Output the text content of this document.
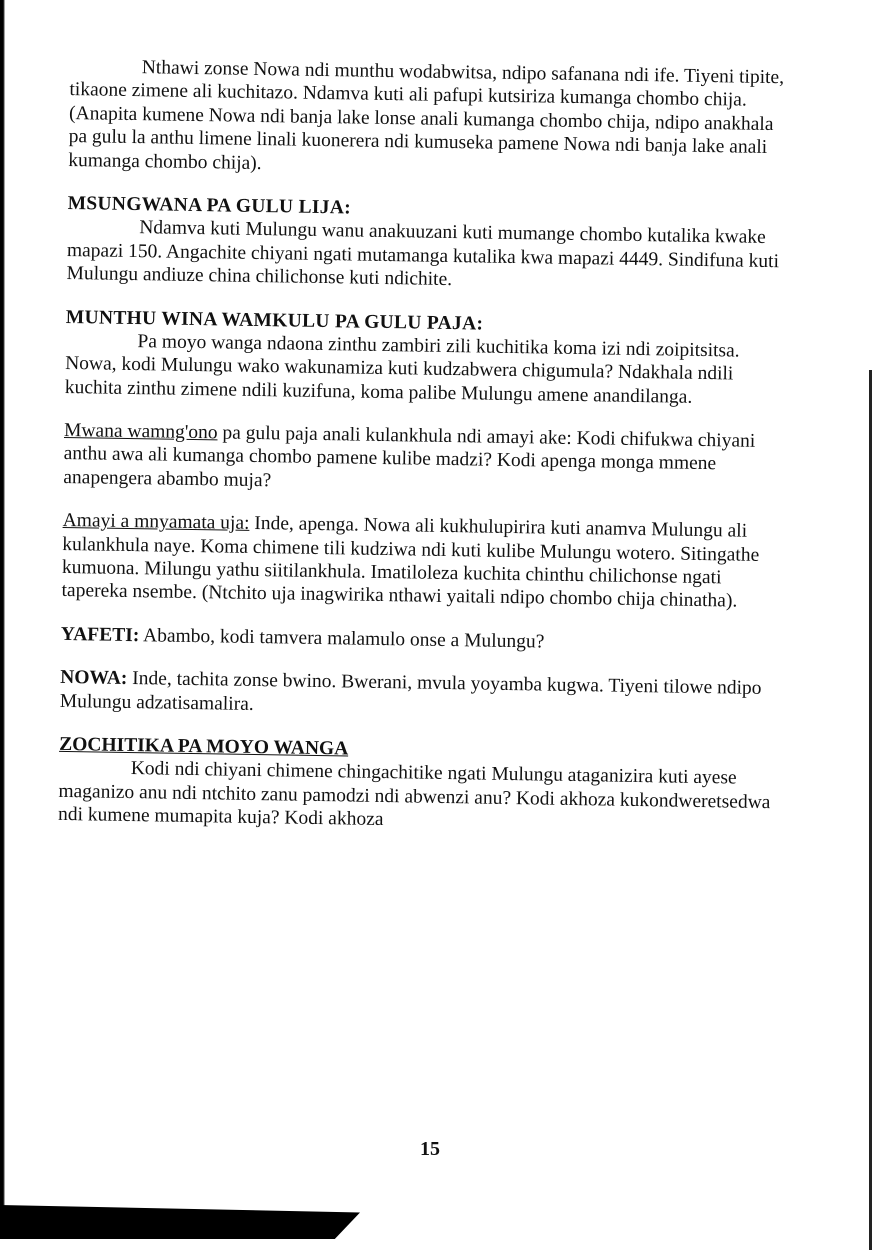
Nthawi zonse Nowa ndi munthu wodabwitsa, ndipo safanana ndi ife. Tiyeni tipite, tikaone zimene ali kuchitazo. Ndamva kuti ali pafupi kutsiriza kumanga chombo chija. (Anapita kumene Nowa ndi banja lake lonse anali kumanga chombo chija, ndipo anakhala pa gulu la anthu limene linali kuonerera ndi kumuseka pamene Nowa ndi banja lake anali kumanga chombo chija).

MSUNGWANA PA GULU LIJA:

Ndamva kuti Mulungu wanu anakuuzani kuti mumange chombo kutalika kwake mapazi 150. Angachite chiyani ngati mutamanga kutalika kwa mapazi 4449. Sindifuna kuti Mulungu andiuze china chilichonse kuti ndichite.

MUNTHU WINA WAMKULU PA GULU PAJA:

Pa moyo wanga ndaona zinthu zambiri zili kuchitika koma izi ndi zoipitsitsa. Nowa, kodi Mulungu wako wakunamiza kuti kudzabwera chigumula? Ndakhala ndili kuchita zinthu zimene ndili kuzifuna, koma palibe Mulungu amene anandilanga.

Mwana wamng'ono pa gulu paja anali kulankhula ndi amayi ake: Kodi chifukwa chiyani anthu awa ali kumanga chombo pamene kulibe madzi? Kodi apenga monga mmene anapengera abambo muja?

Amayi a mnyamata uja: Inde, apenga. Nowa ali kukhulupirira kuti anamva Mulungu ali kulankhula naye. Koma chimene tili kudziwa ndi kuti kulibe Mulungu wotero. Sitingathe kumuona. Milungu yathu siitilankhula. Imatiloleza kuchita chinthu chilichonse ngati tapereka nsembe. (Ntchito uja inagwirika nthawi yaitali ndipo chombo chija chinatha).

YAFETI: Abambo, kodi tamvera malamulo onse a Mulungu?

NOWA: Inde, tachita zonse bwino. Bwerani, mvula yoyamba kugwa. Tiyeni tilowe ndipo Mulungu adzatisamalira.

ZOCHITIKA PA MOYO WANGA

Kodi ndi chiyani chimene chingachitike ngati Mulungu ataganizira kuti ayese maganizo anu ndi ntchito zanu pamodzi ndi abwenzi anu? Kodi akhoza kukondweretsedwa ndi kumene mumapita kuja? Kodi akhoza

15
